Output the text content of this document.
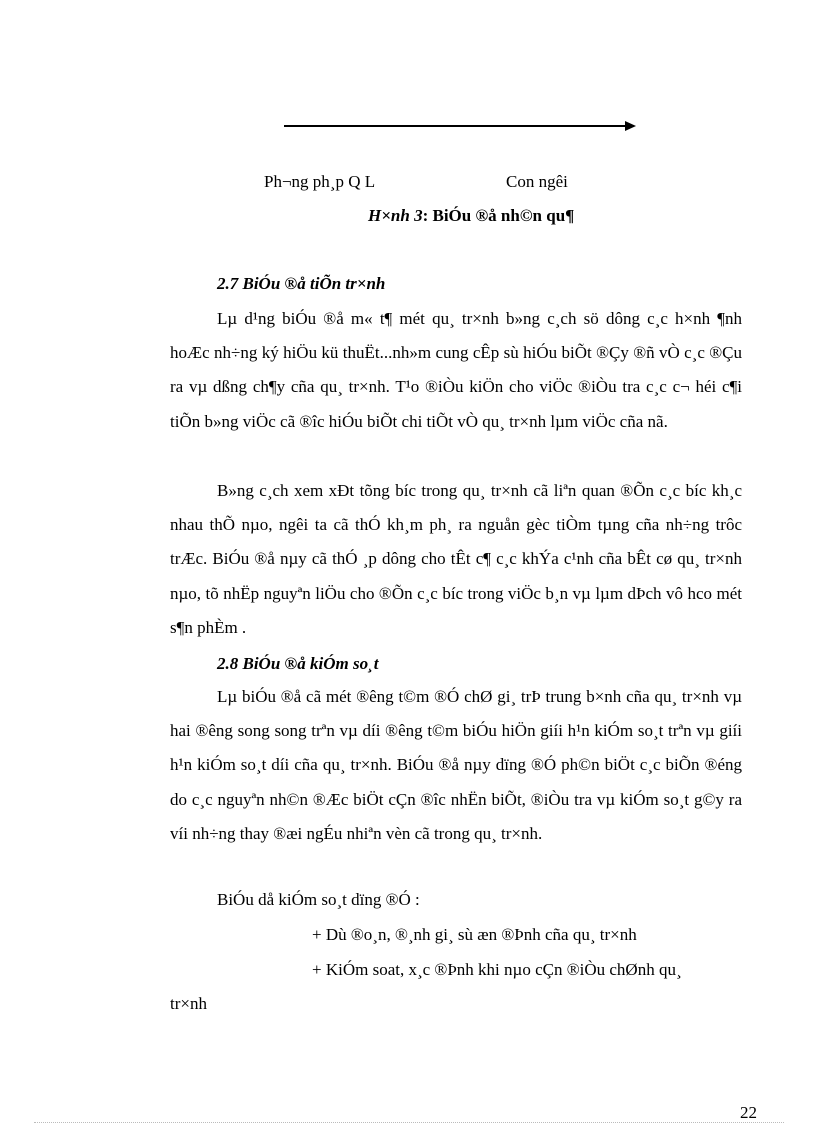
Ph¬ng ph¸p Q L	Con ngêi
H×nh 3: BiÓu ®å nh©n qu¶
2.7 BiÓu ®å tiÕn tr×nh

Lµ d¹ng biÓu ®å m« t¶ mét qu¸ tr×nh b»ng c¸ch sö dông c¸c h×nh ¶nh hoÆc nh÷ng ký hiÖu kü thuËt...nh»m cung cÊp sù hiÓu biÕt ®Çy ®ñ vÒ c¸c ®Çu ra vµ dßng ch¶y cña qu¸ tr×nh. T¹o ®iÒu kiÖn cho viÖc ®iÒu tra c¸c c¬ héi c¶i tiÕn b»ng viÖc cã ®îc hiÓu biÕt chi tiÕt vÒ qu¸ tr×nh lµm viÖc cña nã.

B»ng c¸ch xem xÐt tõng bíc trong qu¸ tr×nh cã liªn quan ®Õn c¸c bíc kh¸c nhau thÕ nµo, ngêi ta cã thÓ kh¸m ph¸ ra nguån gèc tiÒm tµng cña nh÷ng trôc trÆc. BiÓu ®å nµy cã thÓ ¸p dông cho tÊt c¶ c¸c khÝa c¹nh cña bÊt cø qu¸ tr×nh nµo, tõ nhËp nguyªn liÖu cho ®Õn c¸c bíc trong viÖc b¸n vµ lµm dÞch vô hco mét s¶n phÈm .

2.8 BiÓu ®å kiÓm so¸t

Lµ biÓu ®å cã mét ®êng t©m ®Ó chØ gi¸ trÞ trung b×nh cña qu¸ tr×nh vµ hai ®êng song song trªn vµ díi ®êng t©m biÓu hiÖn giíi h¹n kiÓm so¸t trªn vµ giíi h¹n kiÓm so¸t díi cña qu¸ tr×nh. BiÓu ®å nµy dïng ®Ó ph©n biÖt c¸c biÕn ®éng do c¸c nguyªn nh©n ®Æc biÖt cÇn ®îc nhËn biÕt, ®iÒu tra vµ kiÓm so¸t g©y ra víi nh÷ng thay ®æi ngÉu nhiªn vèn cã trong qu¸ tr×nh.

BiÓu då kiÓm so¸t dïng ®Ó :
+ Dù ®o¸n, ®¸nh gi¸ sù æn ®Þnh cña qu¸ tr×nh
+ KiÓm soat, x¸c ®Þnh khi nµo cÇn ®iÒu chØnh qu¸
tr×nh
22
